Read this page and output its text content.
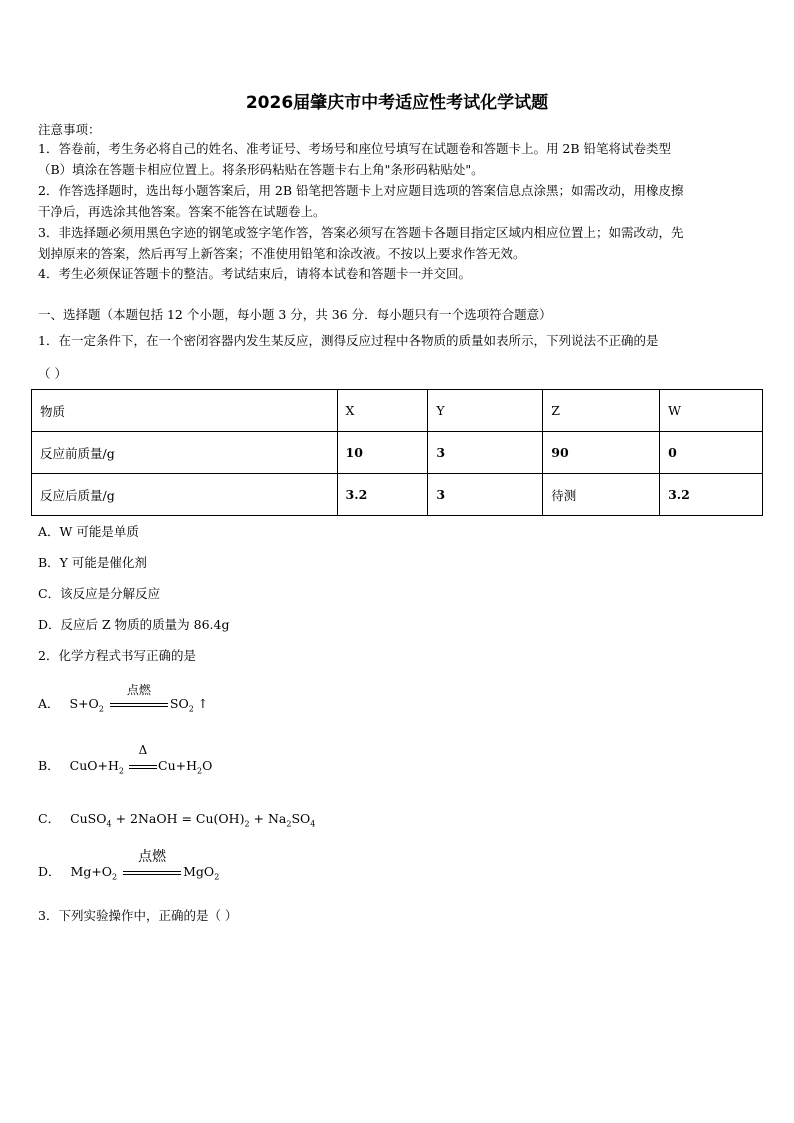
2026届肇庆市中考适应性考试化学试题
注意事项：
1．答卷前，考生务必将自己的姓名、准考证号、考场号和座位号填写在试题卷和答题卡上。用 2B 铅笔将试卷类型
（B）填涂在答题卡相应位置上。将条形码粘贴在答题卡右上角"条形码粘贴处"。
2．作答选择题时，选出每小题答案后，用 2B 铅笔把答题卡上对应题目选项的答案信息点涂黑；如需改动，用橡皮擦
干净后，再选涂其他答案。答案不能答在试题卷上。
3．非选择题必须用黑色字迹的钢笔或签字笔作答，答案必须写在答题卡各题目指定区域内相应位置上；如需改动，先
划掉原来的答案，然后再写上新答案；不准使用铅笔和涂改液。不按以上要求作答无效。
4．考生必须保证答题卡的整洁。考试结束后，请将本试卷和答题卡一并交回。
一、选择题（本题包括 12 个小题，每小题 3 分，共 36 分．每小题只有一个选项符合题意）
1．在一定条件下，在一个密闭容器内发生某反应，测得反应过程中各物质的质量如表所示，下列说法不正确的是
（ ）
物质	X	Y	Z	W
反应前质量/g	10	3	90	0
反应后质量/g	3.2	3	待测	3.2
A．W 可能是单质
B．Y 可能是催化剂
C．该反应是分解反应
D．反应后 Z 物质的质量为 86.4g
2．化学方程式书写正确的是
A． $S+O_2$
点燃
$SO_2$ ↑
B． $CuO+H_2$
Δ
$Cu+H_2O$
C． CuSO$_4$ + 2NaOH = $Cu(OH)_2 + Na_2SO_4$
D． $Mg+O_2$
点燃
MgO$_2$
3．下列实验操作中，正确的是（ ）
